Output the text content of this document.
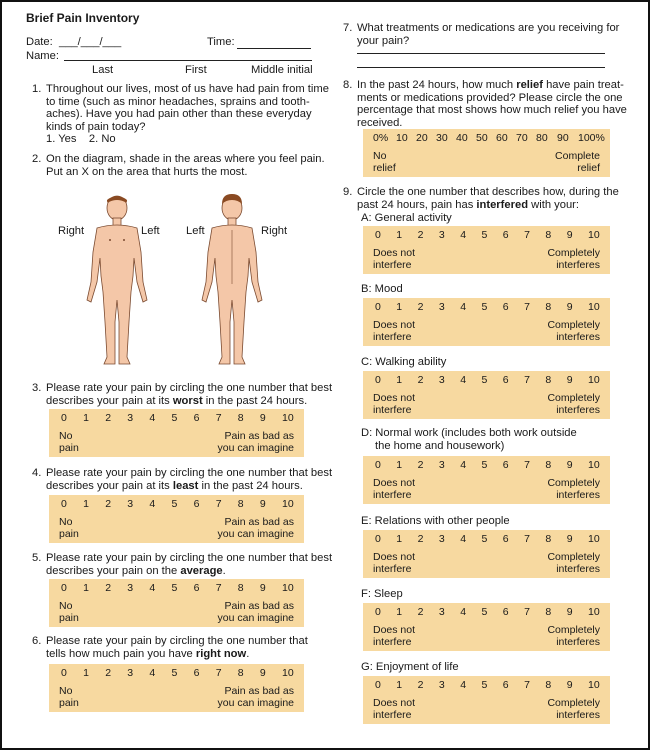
Brief Pain Inventory
Date: ___/___/___	Time:
Name:
Last	First	Middle initial
1. Throughout our lives, most of us have had pain from time
to time (such as minor headaches, sprains and tooth-
aches). Have you had pain other than these everyday
kinds of pain today?
1. Yes    2. No
2. On the diagram, shade in the areas where you feel pain.
Put an X on the area that hurts the most.
Right	Left Left	Right
3. Please rate your pain by circling the one number that best
describes your pain at its worst in the past 24 hours.
0 1 2 3 4 5 6 7 8 9 10
No
pain
Pain as bad as
you can imagine
4. Please rate your pain by circling the one number that best
describes your pain at its least in the past 24 hours.
0 1 2 3 4 5 6 7 8 9 10
No
pain
Pain as bad as
you can imagine
5. Please rate your pain by circling the one number that best
describes your pain on the average.
0 1 2 3 4 5 6 7 8 9 10
No
pain
Pain as bad as
you can imagine
6. Please rate your pain by circling the one number that
tells how much pain you have right now.
0 1 2 3 4 5 6 7 8 9 10
No
pain
Pain as bad as
you can imagine
7. What treatments or medications are you receiving for
your pain?
8. In the past 24 hours, how much relief have pain treat-
ments or medications provided? Please circle the one
percentage that most shows how much relief you have
received.
0% 10 20 30 40 50 60 70 80 90 100%
No
relief
Complete
relief
9. Circle the one number that describes how, during the
past 24 hours, pain has interfered with your:
A: General activity
0 1 2 3 4 5 6 7 8 9 10
Does not
interfere
Completely
interferes
B: Mood
0 1 2 3 4 5 6 7 8 9 10
Does not
interfere
Completely
interferes
C: Walking ability
0 1 2 3 4 5 6 7 8 9 10
Does not
interfere
Completely
interferes
D: Normal work (includes both work outside
the home and housework)
0 1 2 3 4 5 6 7 8 9 10
Does not
interfere
Completely
interferes
E: Relations with other people
0 1 2 3 4 5 6 7 8 9 10
Does not
interfere
Completely
interferes
F: Sleep
0 1 2 3 4 5 6 7 8 9 10
Does not
interfere
Completely
interferes
G: Enjoyment of life
0 1 2 3 4 5 6 7 8 9 10
Does not
interfere
Completely
interferes
